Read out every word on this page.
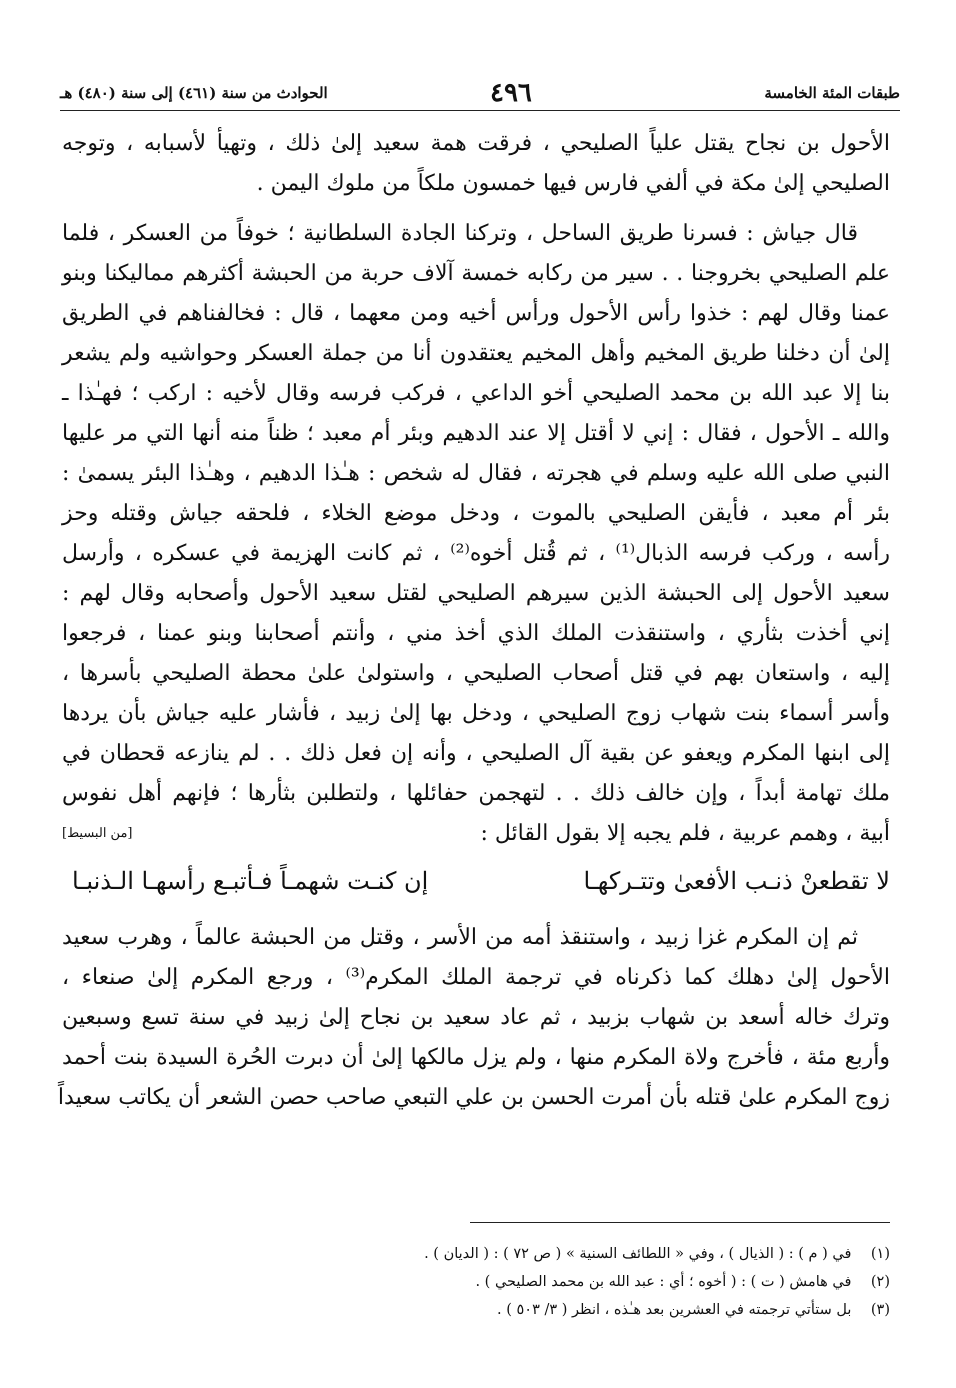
طبقات المئة الخامسة
٤٩٦
الحوادث من سنة (٤٦١) إلى سنة (٤٨٠) هـ
الأحول بن نجاح يقتل علياً الصليحي ، فرقت همة سعيد إلىٰ ذلك ، وتهيأ لأسبابه ، وتوجه
الصليحي إلىٰ مكة في ألفي فارس فيها خمسون ملكاً من ملوك اليمن .
قال جياش : فسرنا طريق الساحل ، وتركنا الجادة السلطانية ؛ خوفاً من العسكر ، فلما
علم الصليحي بخروجنا . . سير من ركابه خمسة آلاف حربة من الحبشة أكثرهم مماليكنا وبنو
عمنا وقال لهم : خذوا رأس الأحول ورأس أخيه ومن معهما ، قال : فخالفناهم في الطريق
إلىٰ أن دخلنا طريق المخيم وأهل المخيم يعتقدون أنا من جملة العسكر وحواشيه ولم يشعر
بنا إلا عبد الله بن محمد الصليحي أخو الداعي ، فركب فرسه وقال لأخيه : اركب ؛ فهـٰذا ـ
والله ـ الأحول ، فقال : إني لا أقتل إلا عند الدهيم وبئر أم معبد ؛ ظناً منه أنها التي مر عليها
النبي صلى الله عليه وسلم في هجرته ، فقال له شخص : هـٰذا الدهيم ، وهـٰذا البئر يسمىٰ :
بئر أم معبد ، فأيقن الصليحي بالموت ، ودخل موضع الخلاء ، فلحقه جياش وقتله وحز
رأسه ، وركب فرسه الذبال⁽¹⁾ ، ثم قُتل أخوه⁽²⁾ ، ثم كانت الهزيمة في عسكره ، وأرسل
سعيد الأحول إلى الحبشة الذين سيرهم الصليحي لقتل سعيد الأحول وأصحابه وقال لهم :
إني أخذت بثأري ، واستنقذت الملك الذي أخذ مني ، وأنتم أصحابنا وبنو عمنا ، فرجعوا
إليه ، واستعان بهم في قتل أصحاب الصليحي ، واستولىٰ علىٰ محطة الصليحي بأسرها ،
وأسر أسماء بنت شهاب زوج الصليحي ، ودخل بها إلىٰ زبيد ، فأشار عليه جياش بأن يردها
إلى ابنها المكرم ويعفو عن بقية آل الصليحي ، وأنه إن فعل ذلك . . لم ينازعه قحطان في
ملك تهامة أبداً ، وإن خالف ذلك . . لتهجمن حفائلها ، ولتطلبن بثأرها ؛ فإنهم أهل نفوس
أبية ، وهمم عربية ، فلم يجبه إلا بقول القائل :
[من البسيط]
لا تقطعنْ ذنـب الأفعىٰ وتتـركهـا
إن كنـت شهمـاً فـأتبـع رأسهـا الـذنبـا
ثم إن المكرم غزا زبيد ، واستنقذ أمه من الأسر ، وقتل من الحبشة عالماً ، وهرب سعيد
الأحول إلىٰ دهلك كما ذكرناه في ترجمة الملك المكرم⁽³⁾ ، ورجع المكرم إلىٰ صنعاء ،
وترك خاله أسعد بن شهاب بزبيد ، ثم عاد سعيد بن نجاح إلىٰ زبيد في سنة تسع وسبعين
وأربع مئة ، فأخرج ولاة المكرم منها ، ولم يزل مالكها إلىٰ أن دبرت الحُرة السيدة بنت أحمد
زوج المكرم علىٰ قتله بأن أمرت الحسن بن علي التبعي صاحب حصن الشعر أن يكاتب سعيداً
(١) في ( م ) : ( الذيال ) ، وفي « اللطائف السنية » ( ص ٧٢ ) : ( الديان ) .
(٢) في هامش ( ت ) : ( أخوه ؛ أي : عبد الله بن محمد الصليحي ) .
(٣) بل ستأتي ترجمته في العشرين بعد هـٰذه ، انظر ( ٣/ ٥٠٣ ) .
